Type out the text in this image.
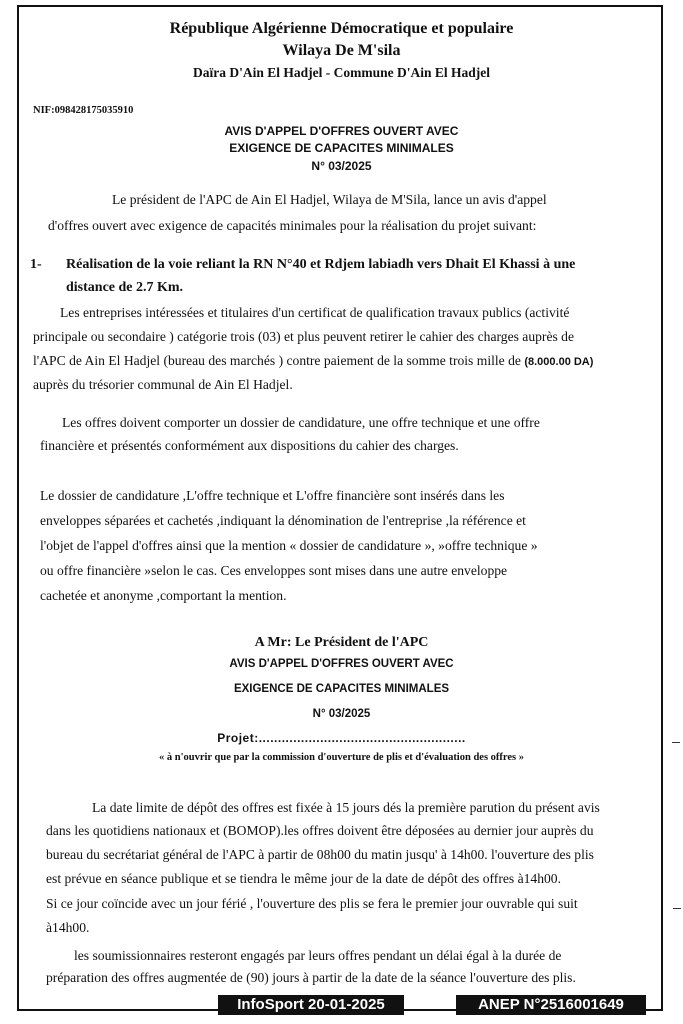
République Algérienne Démocratique et populaire
Wilaya De M'sila
Daïra D'Ain El Hadjel - Commune D'Ain El Hadjel
NIF:098428175035910
AVIS D'APPEL D'OFFRES OUVERT AVEC
EXIGENCE DE CAPACITES MINIMALES
N° 03/2025
Le président de l'APC de Ain El Hadjel, Wilaya de M'Sila, lance un avis d'appel
d'offres ouvert avec exigence de capacités minimales pour la réalisation du projet suivant:
1- Réalisation de la voie reliant la RN N°40 et Rdjem labiadh vers Dhait El Khassi à une
distance de 2.7 Km.
Les entreprises intéressées et titulaires d'un certificat de qualification travaux publics (activité
principale ou secondaire ) catégorie trois (03) et plus peuvent retirer le cahier des charges auprès de
l'APC de Ain El Hadjel (bureau des marchés ) contre paiement de la somme trois mille de (8.000.00 DA)
auprès du trésorier communal de Ain El Hadjel.
Les offres doivent comporter un dossier de candidature, une offre technique et une offre
financière et présentés conformément aux dispositions du cahier des charges.
Le dossier de candidature ,L'offre technique et L'offre financière sont insérés dans les
enveloppes séparées et cachetés ,indiquant la dénomination de l'entreprise ,la référence et
l'objet de l'appel d'offres ainsi que la mention « dossier de candidature », »offre technique »
ou offre financière »selon le cas. Ces enveloppes sont mises dans une autre enveloppe
cachetée et anonyme ,comportant la mention.
A Mr: Le Président de l'APC
AVIS D'APPEL D'OFFRES OUVERT AVEC
EXIGENCE DE CAPACITES MINIMALES
N° 03/2025
Projet:......................................................
« à n'ouvrir que par la commission d'ouverture de plis et d'évaluation des offres »
La date limite de dépôt des offres est fixée à 15 jours dés la première parution du présent avis
dans les quotidiens nationaux et (BOMOP).les offres doivent être déposées au dernier jour auprès du
bureau du secrétariat général de l'APC à partir de 08h00 du matin jusqu' à 14h00. l'ouverture des plis
est prévue en séance publique et se tiendra le même jour de la date de dépôt des offres à14h00.
Si ce jour coïncide avec un jour férié , l'ouverture des plis se fera le premier jour ouvrable qui suit
à14h00.
les soumissionnaires resteront engagés par leurs offres pendant un délai égal à la durée de
préparation des offres augmentée de (90) jours à partir de la date de la séance l'ouverture des plis.
InfoSport 20-01-2025	ANEP N°2516001649
